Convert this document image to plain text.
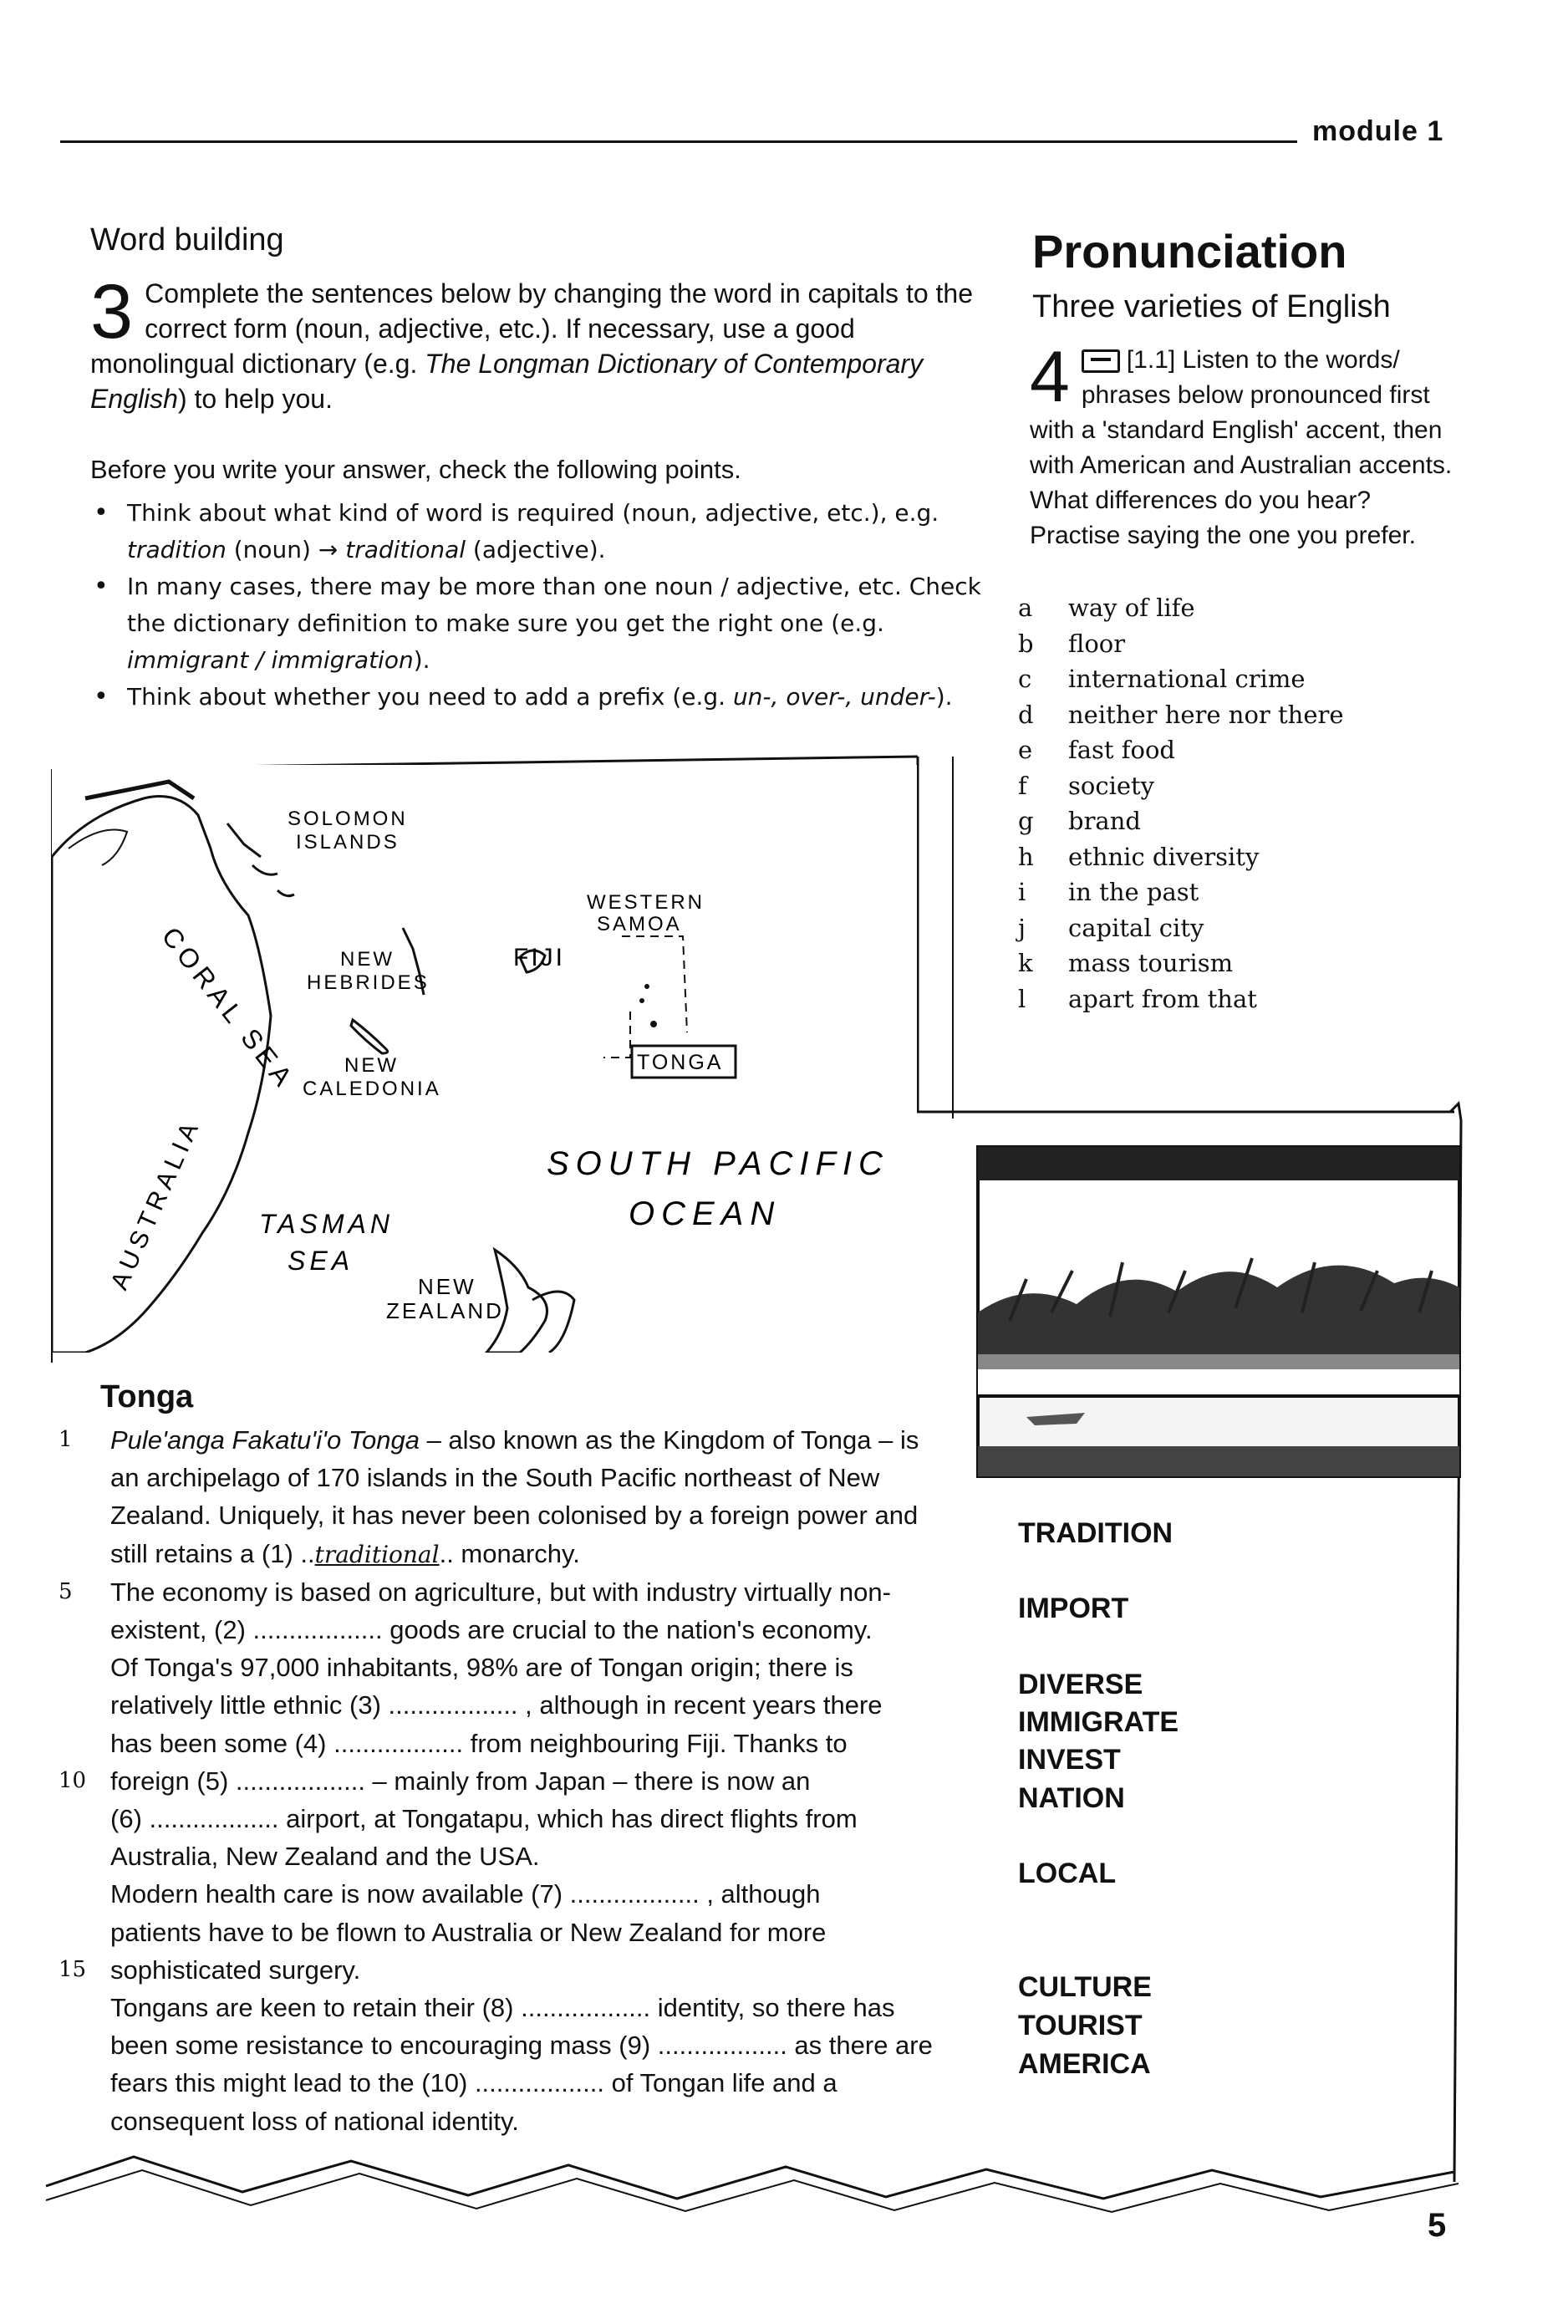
module 1
Word building
3 Complete the sentences below by changing the word in capitals to the correct form (noun, adjective, etc.). If necessary, use a good monolingual dictionary (e.g. The Longman Dictionary of Contemporary English) to help you.
Before you write your answer, check the following points.
• Think about what kind of word is required (noun, adjective, etc.), e.g. tradition (noun) → traditional (adjective).
• In many cases, there may be more than one noun / adjective, etc. Check the dictionary definition to make sure you get the right one (e.g. immigrant / immigration).
• Think about whether you need to add a prefix (e.g. un-, over-, under-).
Pronunciation
Three varieties of English
4 [1.1] Listen to the words/ phrases below pronounced first with a 'standard English' accent, then with American and Australian accents. What differences do you hear? Practise saying the one you prefer.
a	way of life
b	floor
c	international crime
d	neither here nor there
e	fast food
f	society
g	brand
h	ethnic diversity
i	in the past
j	capital city
k	mass tourism
l	apart from that
SOLOMON
ISLANDS
WESTERN
SAMOA
NEW
HEBRIDES
FIJI
TONGA
NEW
CALEDONIA
CORAL SEA
AUSTRALIA	SOUTH PACIFIC
OCEAN
TASMAN
SEA
NEW
ZEALAND
Tonga
1	Pule'anga Fakatu'i'o Tonga – also known as the Kingdom of Tonga – is
an archipelago of 170 islands in the South Pacific northeast of New
Zealand. Uniquely, it has never been colonised by a foreign power and
still retains a (1) ..traditional.. monarchy.
5	The economy is based on agriculture, but with industry virtually non-
existent, (2) .................. goods are crucial to the nation's economy.
Of Tonga's 97,000 inhabitants, 98% are of Tongan origin; there is
relatively little ethnic (3) .................. , although in recent years there
has been some (4) .................. from neighbouring Fiji. Thanks to
10 foreign (5) .................. – mainly from Japan – there is now an
(6) .................. airport, at Tongatapu, which has direct flights from
Australia, New Zealand and the USA.
Modern health care is now available (7) .................. , although
patients have to be flown to Australia or New Zealand for more
15 sophisticated surgery.
Tongans are keen to retain their (8) .................. identity, so there has
been some resistance to encouraging mass (9) .................. as there are
fears this might lead to the (10) .................. of Tongan life and a
consequent loss of national identity.
TRADITION
IMPORT
DIVERSE
IMMIGRATE
INVEST
NATION
LOCAL
CULTURE
TOURIST
AMERICA
5
